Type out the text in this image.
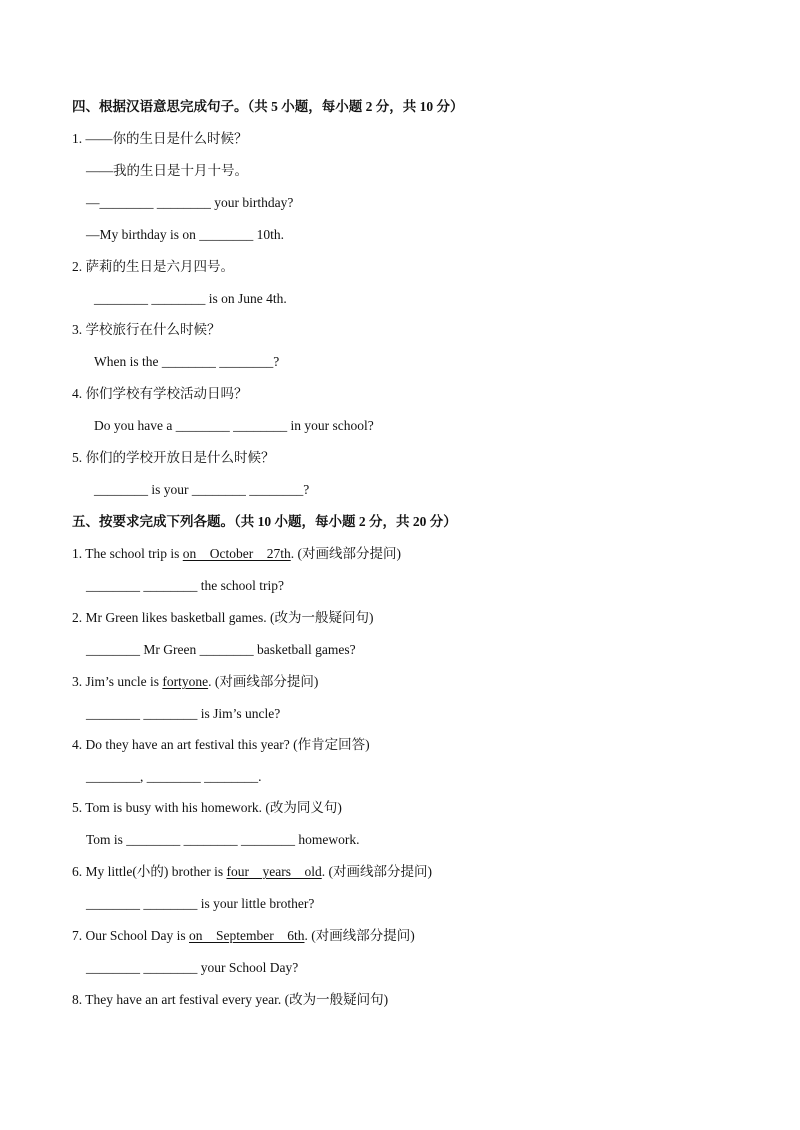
四、根据汉语意思完成句子。（共 5 小题，每小题 2 分，共 10 分）
1. ——你的生日是什么时候？
——我的生日是十月十号。
—________ ________ your birthday?
—My birthday is on ________ 10th.
2. 萨莉的生日是六月四号。
________ ________ is on June 4th.
3. 学校旅行在什么时候？
When is the ________ ________?
4. 你们学校有学校活动日吗？
Do you have a ________ ________ in your school?
5. 你们的学校开放日是什么时候？
________ is your ________ ________?
五、按要求完成下列各题。（共 10 小题，每小题 2 分，共 20 分）
1. The school trip is on    October    27th. (对画线部分提问)
________ ________ the school trip?
2. Mr Green likes basketball games. (改为一般疑问句)
________ Mr Green ________ basketball games?
3. Jim’s uncle is fortyone. (对画线部分提问)
________ ________ is Jim’s uncle?
4. Do they have an art festival this year? (作肯定回答)
________, ________ ________.
5. Tom is busy with his homework. (改为同义句)
Tom is ________ ________ ________ homework.
6. My little(小的) brother is four    years    old. (对画线部分提问)
________ ________ is your little brother?
7. Our School Day is on    September    6th. (对画线部分提问)
________ ________ your School Day?
8. They have an art festival every year. (改为一般疑问句)
